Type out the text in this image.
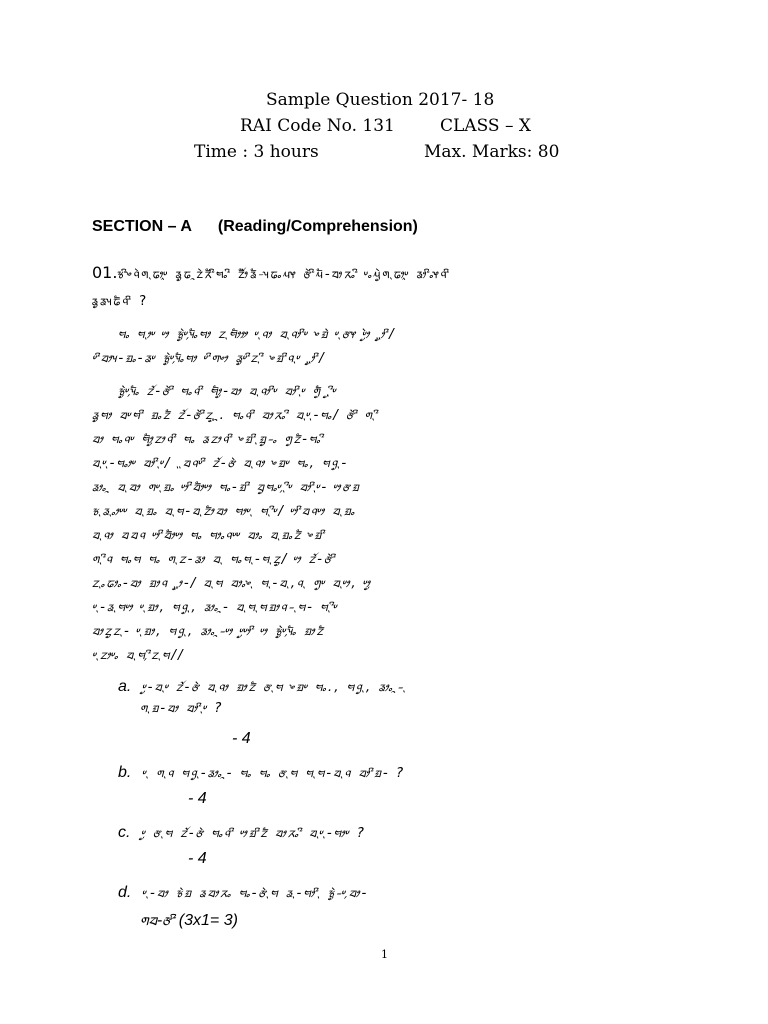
Sample Question 2017- 18
RAI Code No. 131	CLASS – X
Time : 3 hours	Max. Marks: 80
SECTION – A (Reading/Comprehension)
01.ᤃᤡᤴᤚᤧᤛᤷᤒᤣᤪᤸ ᤕᤢᤒᤳᤁᤧᤖᤠᤡᤗᤱᤡ ᤁᤨᤥᤕᤠ-ᤵᤒᤱᤘᤶ ᤅᤧᤡᤘᤠ-ᤔᤣᤖᤱᤡ ᤸᤱᤘᤧᤢᤛᤷᤒᤣᤪᤸ ᤕᤣᤡᤱᤶᤚᤡ
ᤕᤢᤕᤵᤒᤠᤚᤡ ?
ᤗᤱ ᤗᤷᤣᤸ ᤸᤣ ᤃᤧᤢᤸ᤹ᤵᤠᤱᤗᤣ ᤁᤷᤗᤥᤤ ᤸᤷᤚᤣ ᤔᤷᤚᤣᤡᤸ ᤴᤀᤧ ᤸᤷᤅᤶ ᤸᤢᤧᤣ ᤷᤷᤢᤣᤡ/
ᤸᤡᤔᤣᤵ-ᤀᤱ-ᤕᤸ ᤃᤧᤢᤸ᤹ᤵᤠᤱᤗᤣ ᤸᤡᤛᤴᤣ ᤕᤢᤸᤡᤁᤷᤡ ᤴᤀᤡᤚᤷᤸ ᤷᤷᤢᤣᤡ/
ᤃᤧᤢᤸ᤹ᤵᤠᤱ ᤁᤨ-ᤅᤧᤡ ᤗᤱᤚᤡ ᤗᤥᤢ-ᤔᤣ ᤔᤷᤚᤣᤡᤸ ᤔᤣᤡᤷᤸ ᤛᤢᤠ ᤷᤢᤡᤸ
ᤕᤢᤗᤣ ᤔᤸᤗᤡ ᤀᤱᤁᤠ ᤁᤨ-ᤅᤧᤡᤁᤷᤢᤳ. ᤗᤱᤚᤡ ᤔᤣᤖᤱᤡ ᤔᤷᤸᤷ-ᤗᤱ/ ᤅᤧᤡ ᤛᤷᤡ
ᤔᤣ ᤗᤱᤚᤸ ᤗᤥᤢᤁᤣᤚᤡ ᤗᤱ ᤕᤁᤣᤚᤡ ᤴᤀᤡᤷᤀᤢ-ᤱ ᤛᤢᤁᤠ-ᤗᤱᤡ
ᤔᤷᤸᤷ-ᤗᤱᤣᤸ ᤔᤣᤡᤷᤸ/ ᤷᤷᤔᤚᤸᤡ ᤁᤨ-ᤅᤧ ᤔᤷᤚᤣ ᤴᤀᤸ ᤗᤱ, ᤗᤚᤢᤷ-
ᤕᤣᤱᤳ ᤔᤷᤔᤣ ᤛᤸᤷᤀᤱ ᤸᤣᤡᤔᤥᤸᤣ ᤗᤱ-ᤀᤡ ᤔᤢᤗᤱᤸ᤹ᤷᤡᤸ ᤔᤣᤡᤷᤸ- ᤸᤣᤅᤀ
ᤃᤷᤕᤷᤱᤣᤸᤸ ᤔᤷᤀᤱ ᤔᤷᤗ-ᤔᤷᤁᤥᤔᤣ ᤗᤣᤸᤷ ᤗᤷᤡᤸ/ ᤸᤣᤡᤔᤚᤸᤣ ᤔᤷᤀᤱ
ᤔᤷᤚᤣ ᤔᤔᤚ ᤸᤣᤡᤔᤥᤸᤣ ᤗᤱ ᤗᤣᤱᤚᤸᤸ ᤔᤣᤱ ᤔᤷᤀᤱᤁᤠ ᤴᤀᤡ
ᤛᤷᤡᤚ ᤗᤱᤗ ᤗᤱ ᤛᤷᤁ-ᤕᤣ ᤔᤷ ᤗᤱᤗᤷ-ᤗᤷᤁᤢ/ ᤸᤣ ᤁᤨ-ᤅᤧᤡ
ᤁᤷᤱᤒᤣᤱ-ᤔᤣ ᤀᤣᤚ ᤷᤷᤢᤣ-/ ᤔᤷᤗ ᤔᤣᤱᤴᤷ ᤗᤷ-ᤔᤷ,ᤚᤷ ᤛᤢᤸ ᤔᤷᤸᤣ, ᤸᤣᤢ
ᤸᤷ-ᤕᤷᤗᤸᤣ ᤸᤷᤀᤣ, ᤗᤚᤢᤷ, ᤕᤣᤱᤳ- ᤔᤷᤗᤷᤗᤀᤣᤚ-ᤷᤗ- ᤗᤷᤡᤸ
ᤔᤣᤁᤢᤁᤷ- ᤸᤷᤀᤣ, ᤗᤚᤢᤷ, ᤕᤣᤱᤳ-ᤸᤣ ᤸᤢᤸᤣᤡ ᤸᤣ ᤃᤧᤢᤸ᤹ᤵᤠᤱ ᤀᤣᤁᤠ
ᤸᤷᤁᤣᤸᤱ ᤔᤷᤗ᤹ᤡᤁᤷᤗ//
a. ᤸᤢ-ᤔᤷᤸ ᤁᤨ-ᤅᤧ ᤔᤷᤚᤣ ᤀᤣᤁᤠ ᤅᤷᤗ ᤴᤀᤸ ᤗᤱ., ᤗᤚᤢᤷ, ᤕᤣᤱᤳ-ᤷ
ᤛᤷᤀ-ᤔᤣ ᤔᤣᤡᤷᤸ ?
- 4
b. ᤸᤷ ᤛᤷᤚ ᤗᤚᤢᤷ-ᤕᤣᤱᤳ- ᤗᤱ ᤗᤱ ᤅᤷᤗ ᤗᤷᤗ-ᤔᤷᤚ ᤔᤣᤡᤀ- ?
- 4
c. ᤸᤢ ᤅᤷᤗ ᤁᤨ-ᤅᤧ ᤗᤱᤚᤡ ᤸᤣᤀᤡᤁᤠ ᤔᤣᤖᤱᤡ ᤔᤷᤸᤷ-ᤗᤣᤸ ?
- 4
d. ᤸᤷ-ᤔᤣ ᤃᤧᤀ ᤕᤔᤣᤖᤱ ᤗᤱ-ᤅᤧᤷᤗ ᤕᤷ-ᤗᤣᤡᤷ ᤃᤧᤢ-ᤸ᤹ᤔᤣ-
ᤛᤔ-ᤅᤡ (3x1= 3)
1
